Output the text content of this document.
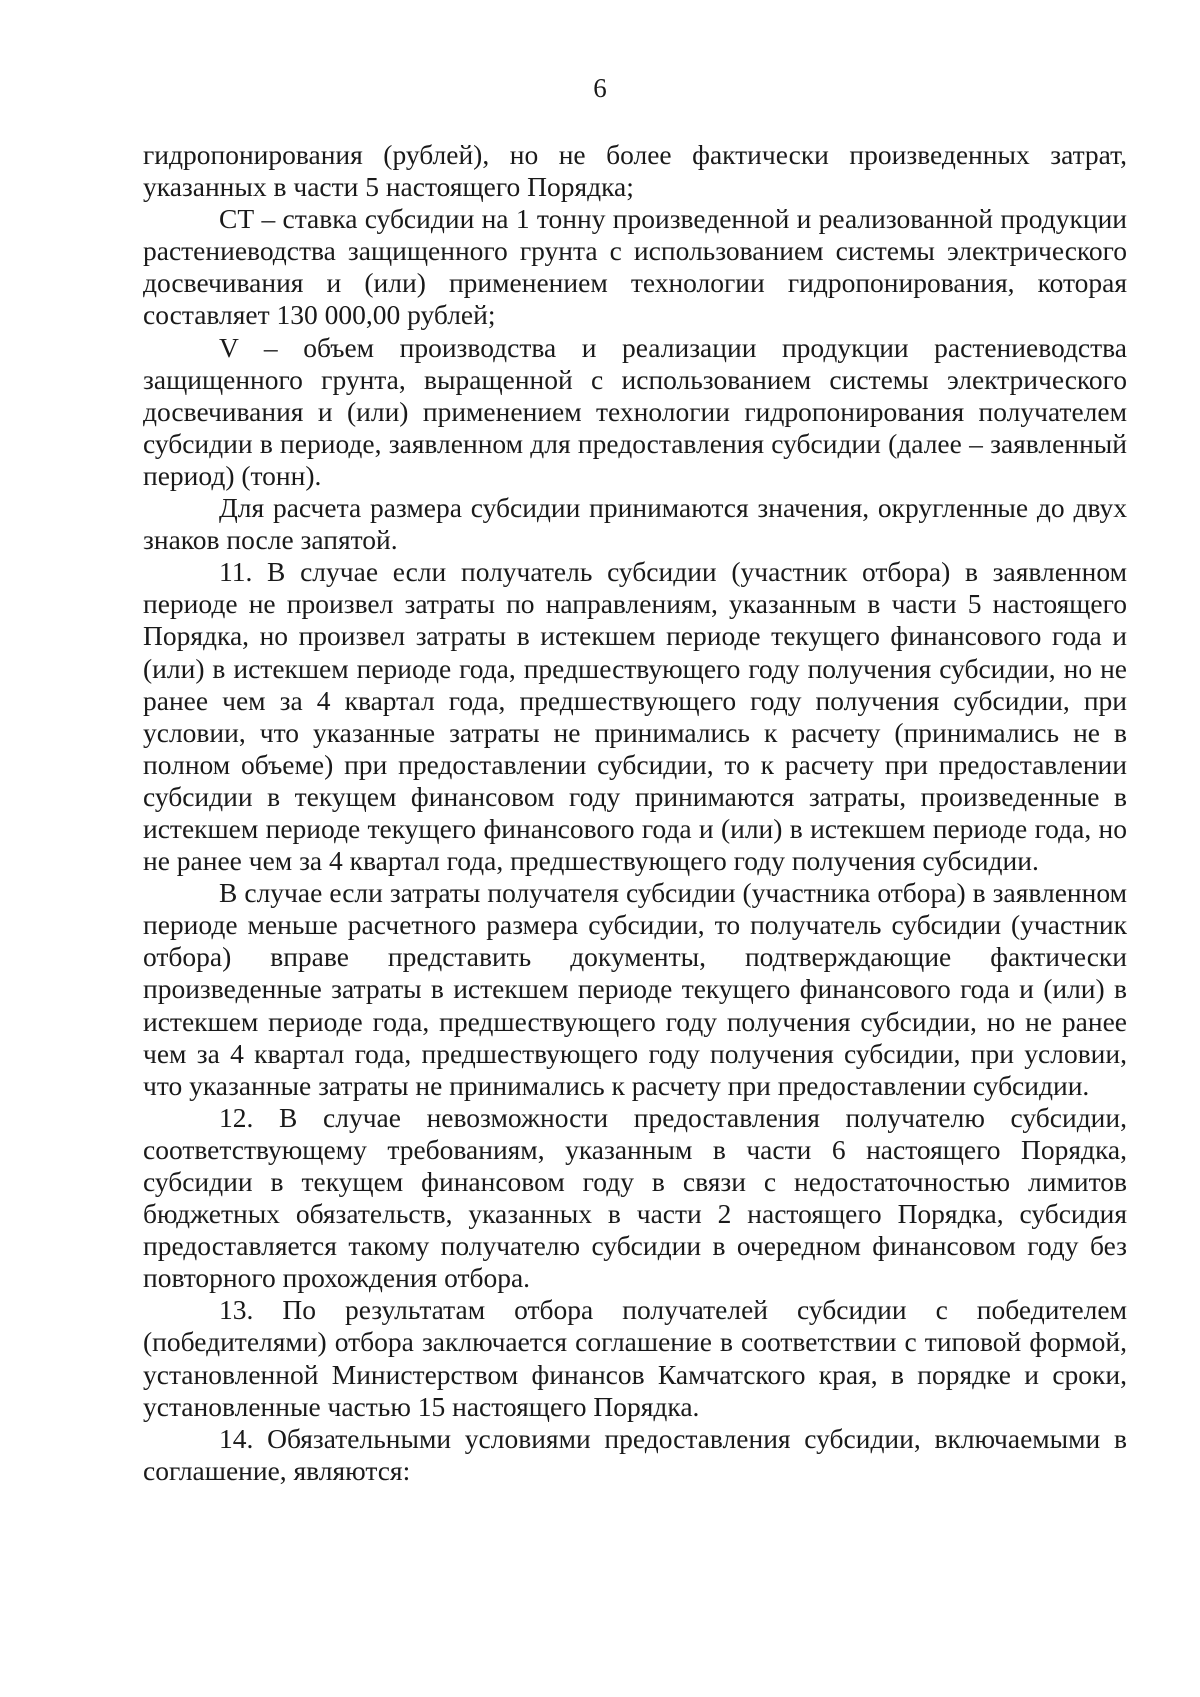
6

гидропонирования (рублей), но не более фактически произведенных затрат, указанных в части 5 настоящего Порядка;

СТ – ставка субсидии на 1 тонну произведенной и реализованной продукции растениеводства защищенного грунта с использованием системы электрического досвечивания и (или) применением технологии гидропонирования, которая составляет 130 000,00 рублей;

V – объем производства и реализации продукции растениеводства защищенного грунта, выращенной с использованием системы электрического досвечивания и (или) применением технологии гидропонирования получателем субсидии в периоде, заявленном для предоставления субсидии (далее – заявленный период) (тонн).

Для расчета размера субсидии принимаются значения, округленные до двух знаков после запятой.

11. В случае если получатель субсидии (участник отбора) в заявленном периоде не произвел затраты по направлениям, указанным в части 5 настоящего Порядка, но произвел затраты в истекшем периоде текущего финансового года и (или) в истекшем периоде года, предшествующего году получения субсидии, но не ранее чем за 4 квартал года, предшествующего году получения субсидии, при условии, что указанные затраты не принимались к расчету (принимались не в полном объеме) при предоставлении субсидии, то к расчету при предоставлении субсидии в текущем финансовом году принимаются затраты, произведенные в истекшем периоде текущего финансового года и (или) в истекшем периоде года, но не ранее чем за 4 квартал года, предшествующего году получения субсидии.

В случае если затраты получателя субсидии (участника отбора) в заявленном периоде меньше расчетного размера субсидии, то получатель субсидии (участник отбора) вправе представить документы, подтверждающие фактически произведенные затраты в истекшем периоде текущего финансового года и (или) в истекшем периоде года, предшествующего году получения субсидии, но не ранее чем за 4 квартал года, предшествующего году получения субсидии, при условии, что указанные затраты не принимались к расчету при предоставлении субсидии.

12. В случае невозможности предоставления получателю субсидии, соответствующему требованиям, указанным в части 6 настоящего Порядка, субсидии в текущем финансовом году в связи с недостаточностью лимитов бюджетных обязательств, указанных в части 2 настоящего Порядка, субсидия предоставляется такому получателю субсидии в очередном финансовом году без повторного прохождения отбора.

13. По результатам отбора получателей субсидии с победителем (победителями) отбора заключается соглашение в соответствии с типовой формой, установленной Министерством финансов Камчатского края, в порядке и сроки, установленные частью 15 настоящего Порядка.

14. Обязательными условиями предоставления субсидии, включаемыми в соглашение, являются:
